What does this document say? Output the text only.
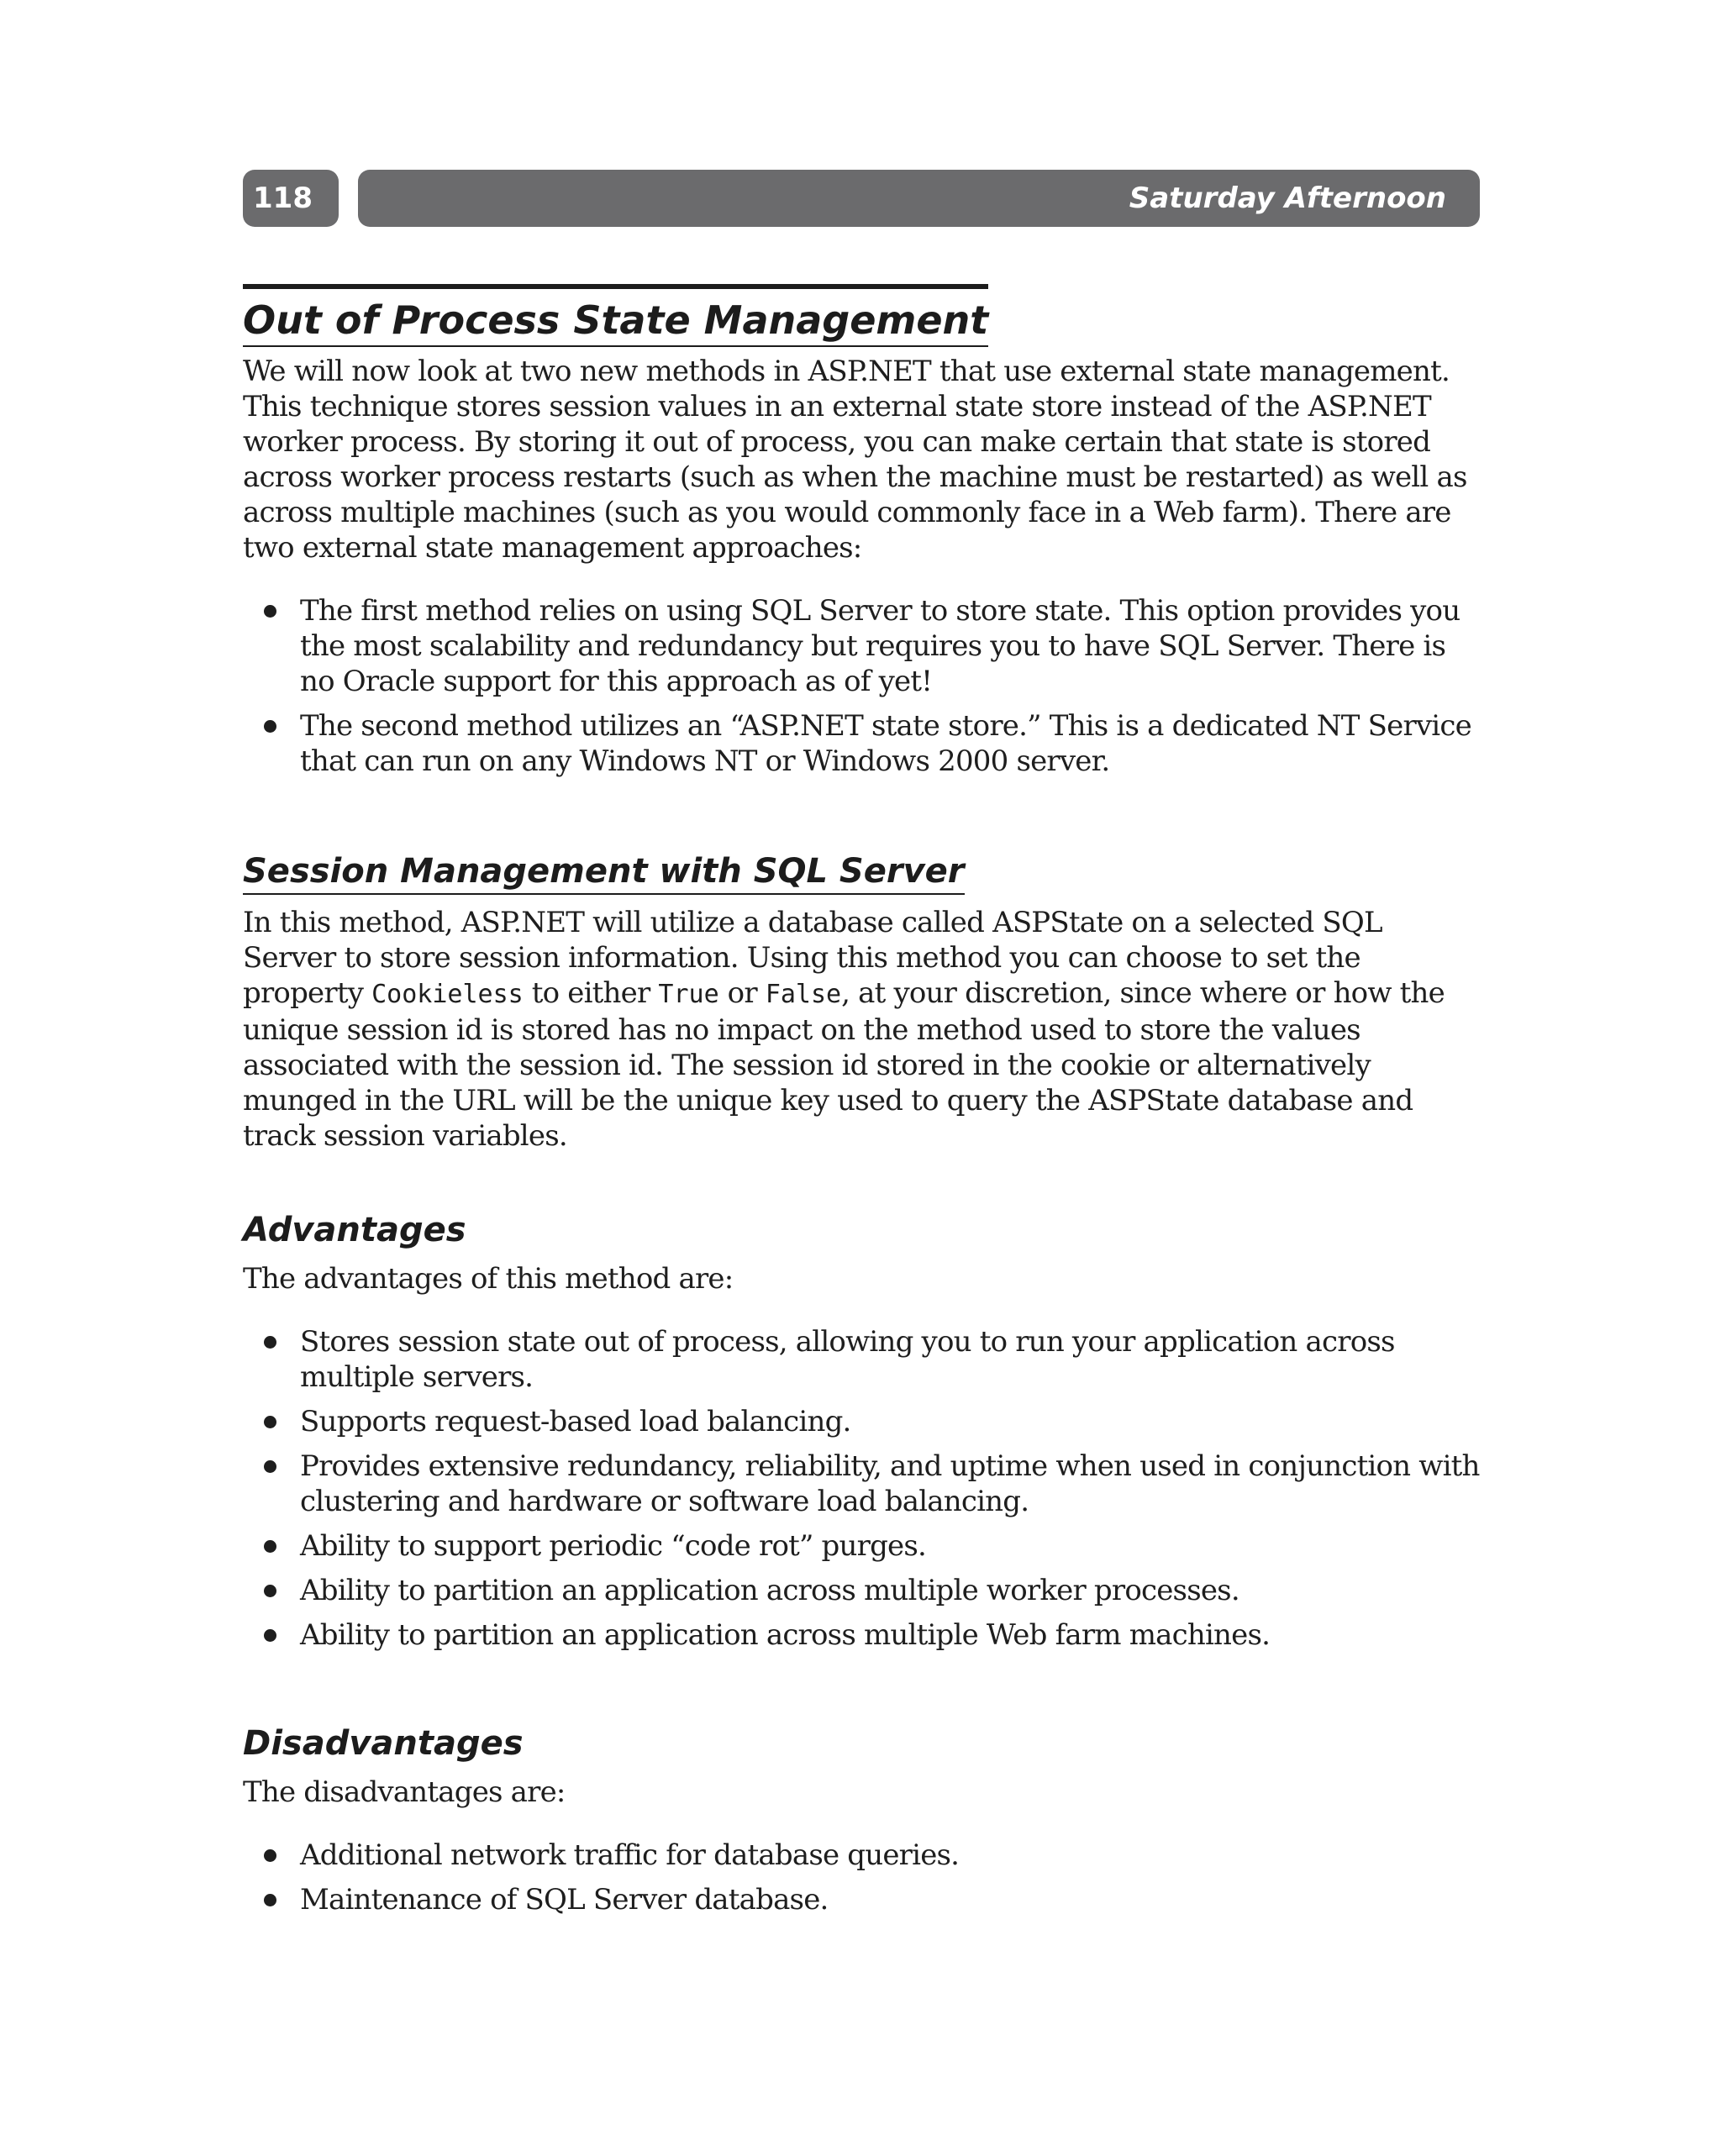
118	Saturday Afternoon
Out of Process State Management

We will now look at two new methods in ASP.NET that use external state management. This technique stores session values in an external state store instead of the ASP.NET worker process. By storing it out of process, you can make certain that state is stored across worker process restarts (such as when the machine must be restarted) as well as across multiple machines (such as you would commonly face in a Web farm). There are two external state management approaches:

The first method relies on using SQL Server to store state. This option provides you the most scalability and redundancy but requires you to have SQL Server. There is no Oracle support for this approach as of yet!
The second method utilizes an “ASP.NET state store.” This is a dedicated NT Service that can run on any Windows NT or Windows 2000 server.
Session Management with SQL Server

In this method, ASP.NET will utilize a database called ASPState on a selected SQL Server to store session information. Using this method you can choose to set the property Cookieless to either True or False, at your discretion, since where or how the unique session id is stored has no impact on the method used to store the values associated with the session id. The session id stored in the cookie or alternatively munged in the URL will be the unique key used to query the ASPState database and track session variables.

Advantages

The advantages of this method are:

Stores session state out of process, allowing you to run your application across multiple servers.
Supports request-based load balancing.
Provides extensive redundancy, reliability, and uptime when used in conjunction with clustering and hardware or software load balancing.
Ability to support periodic “code rot” purges.
Ability to partition an application across multiple worker processes.
Ability to partition an application across multiple Web farm machines.
Disadvantages

The disadvantages are:

Additional network traffic for database queries.
Maintenance of SQL Server database.
